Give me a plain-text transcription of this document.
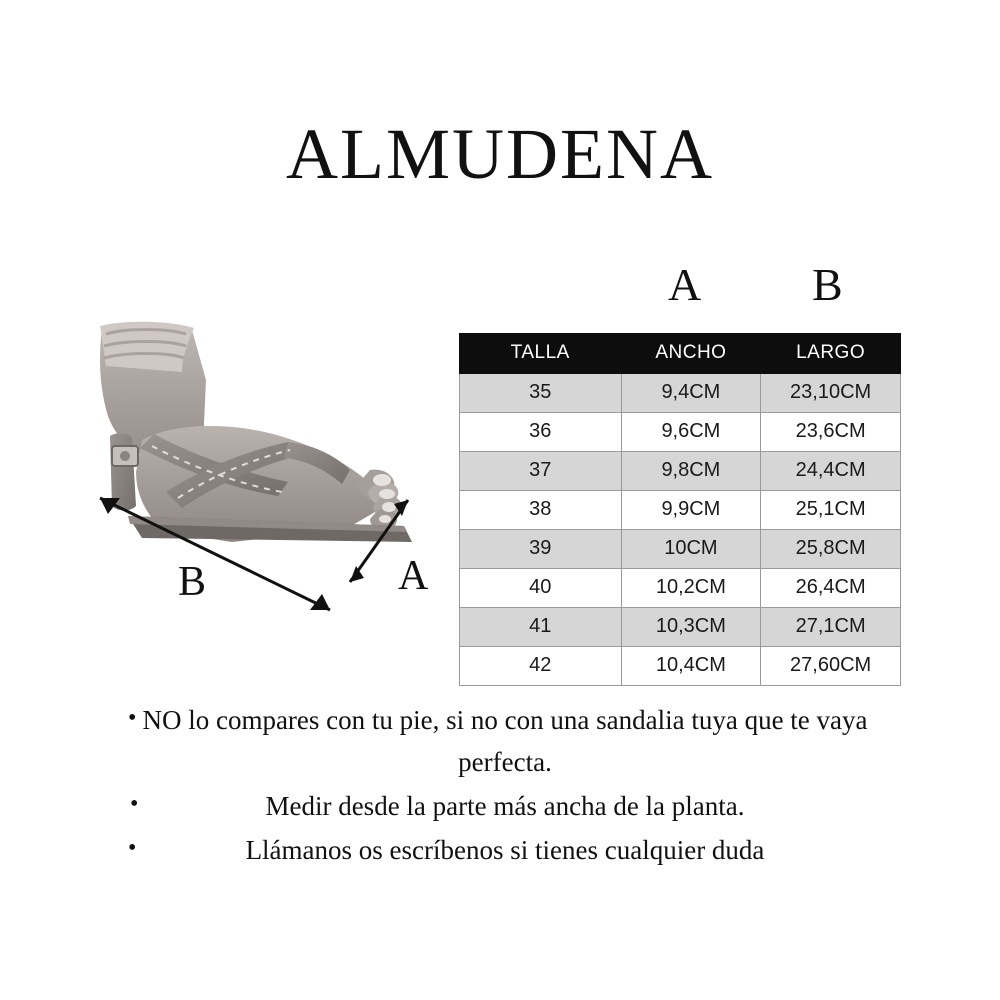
ALMUDENA
B	A
A B
TALLA	ANCHO	LARGO
35	9,4CM	23,10CM
36	9,6CM	23,6CM
37	9,8CM	24,4CM
38	9,9CM	25,1CM
39	10CM	25,8CM
40	10,2CM	26,4CM
41	10,3CM	27,1CM
42	10,4CM	27,60CM
• NO lo compares con tu pie, si no con una sandalia tuya que te vaya perfecta.
•	Medir desde la parte más ancha de la planta.
•	Llámanos os escríbenos si tienes cualquier duda
